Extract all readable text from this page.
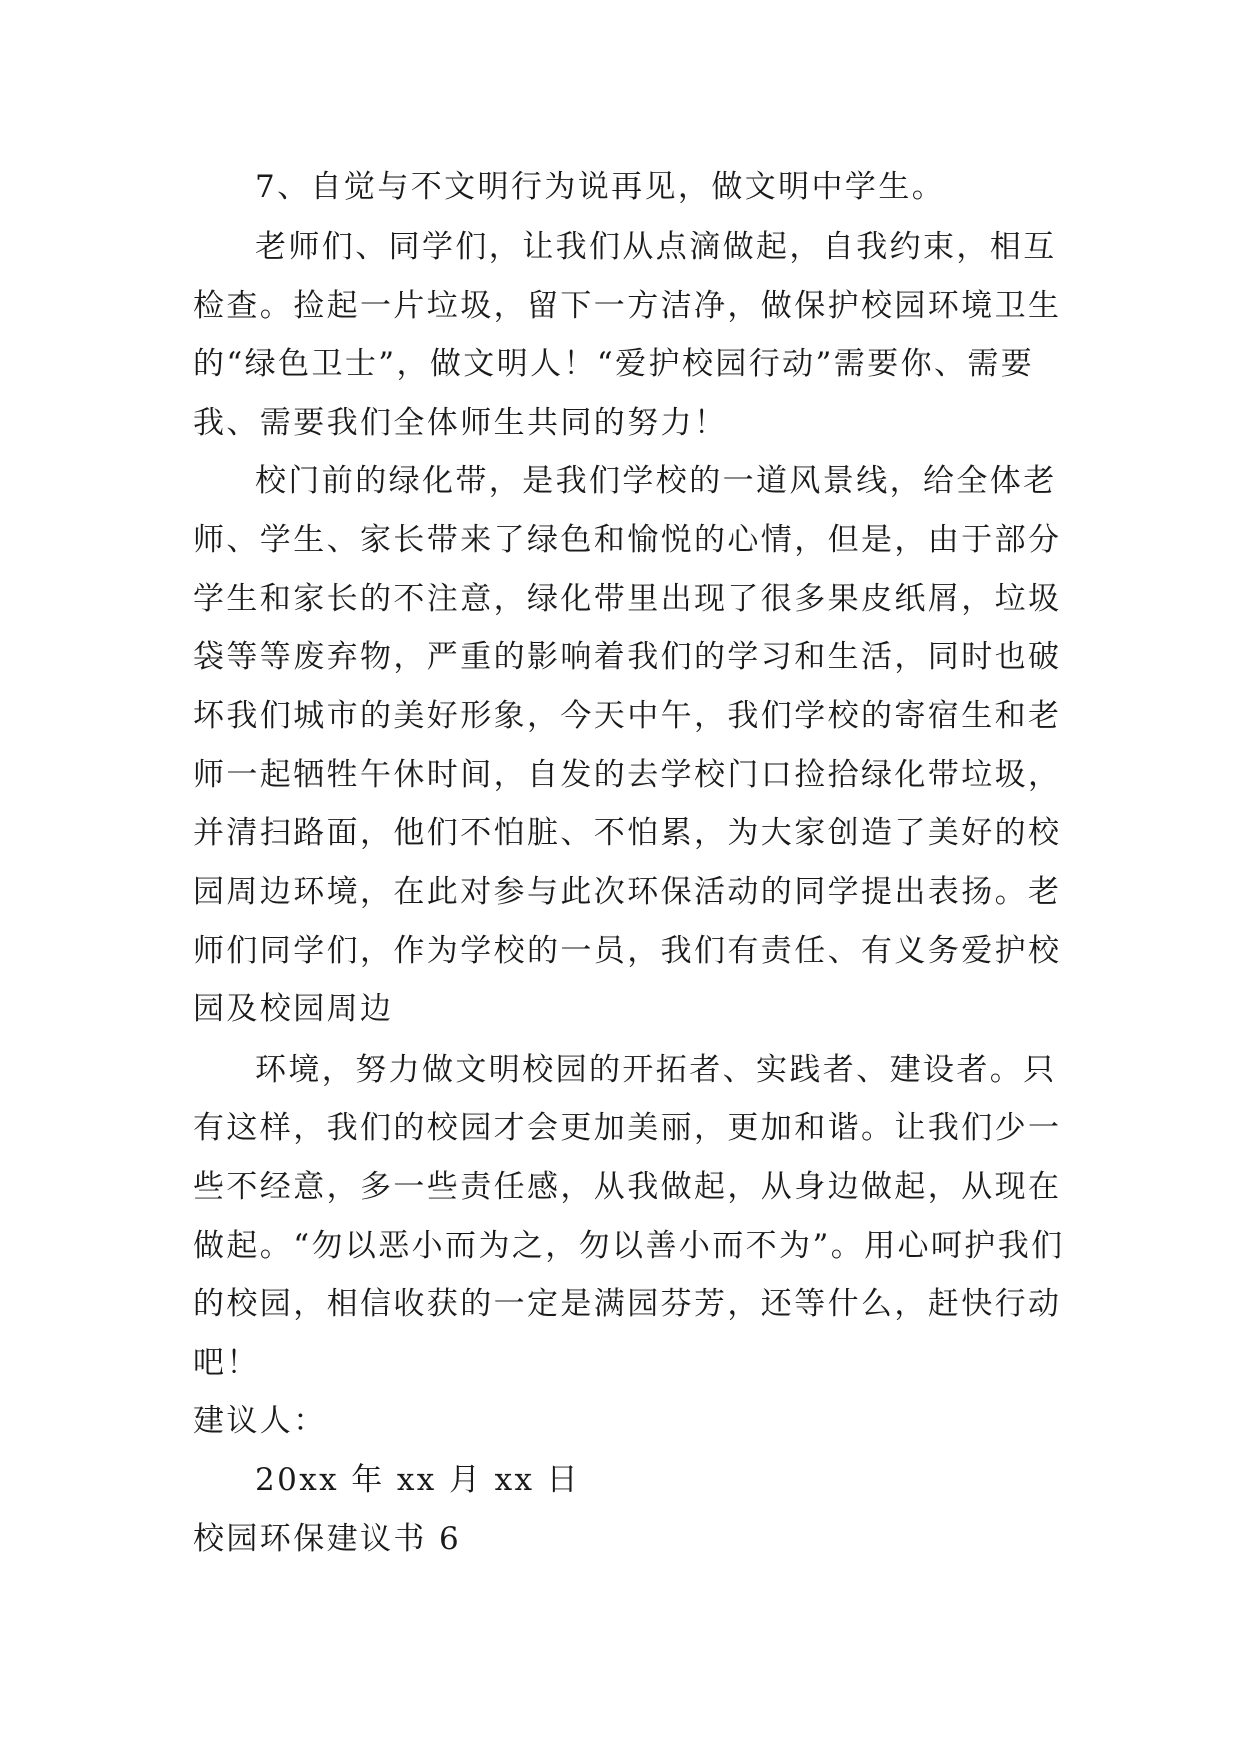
7、自觉与不文明行为说再见，做文明中学生。
老师们、同学们，让我们从点滴做起，自我约束，相互
检查。捡起一片垃圾，留下一方洁净，做保护校园环境卫生
的“绿色卫士”，做文明人！“爱护校园行动”需要你、需要
我、需要我们全体师生共同的努力！
校门前的绿化带，是我们学校的一道风景线，给全体老
师、学生、家长带来了绿色和愉悦的心情，但是，由于部分
学生和家长的不注意，绿化带里出现了很多果皮纸屑，垃圾
袋等等废弃物，严重的影响着我们的学习和生活，同时也破
坏我们城市的美好形象，今天中午，我们学校的寄宿生和老
师一起牺牲午休时间，自发的去学校门口捡拾绿化带垃圾，
并清扫路面，他们不怕脏、不怕累，为大家创造了美好的校
园周边环境，在此对参与此次环保活动的同学提出表扬。老
师们同学们，作为学校的一员，我们有责任、有义务爱护校
园及校园周边
环境，努力做文明校园的开拓者、实践者、建设者。只
有这样，我们的校园才会更加美丽，更加和谐。让我们少一
些不经意，多一些责任感，从我做起，从身边做起，从现在
做起。“勿以恶小而为之，勿以善小而不为”。用心呵护我们
的校园，相信收获的一定是满园芬芳，还等什么，赶快行动
吧！
建议人：
20xx 年 xx 月 xx 日
校园环保建议书 6
